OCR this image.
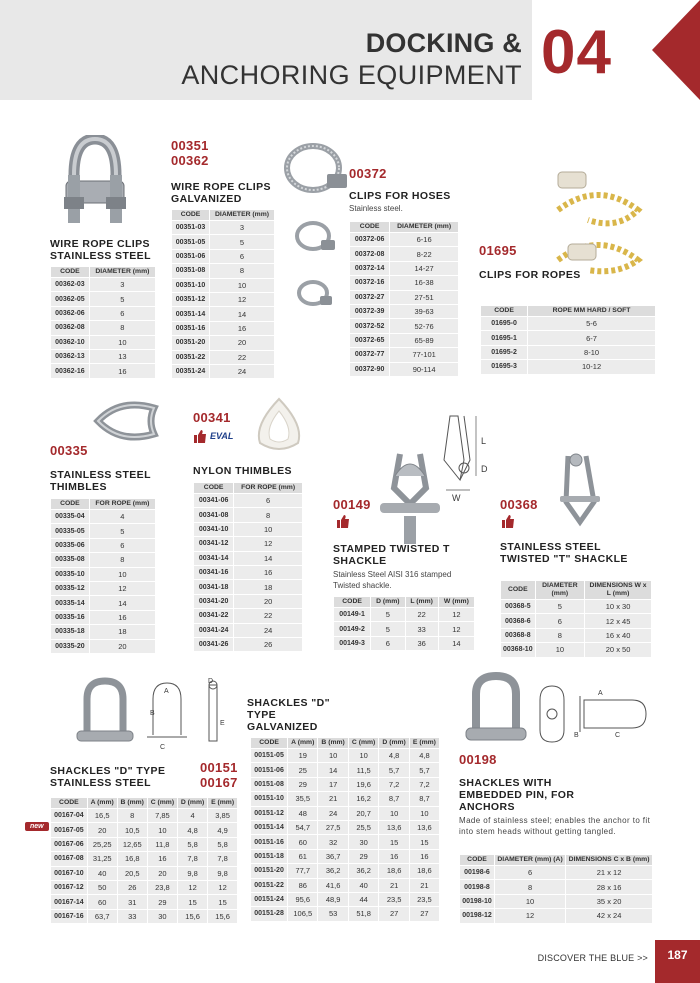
DOCKING &
ANCHORING EQUIPMENT 04
WIRE ROPE CLIPS STAINLESS STEEL
CODE	DIAMETER (mm)
00362-03	3
00362-05	5
00362-06	6
00362-08	8
00362-10	10
00362-13	13
00362-16	16
00351
00362
WIRE ROPE CLIPS GALVANIZED
CODE	DIAMETER (mm)
00351-03	3
00351-05	5
00351-06	6
00351-08	8
00351-10	10
00351-12	12
00351-14	14
00351-16	16
00351-20	20
00351-22	22
00351-24	24
00372
CLIPS FOR HOSES
Stainless steel.
CODE	DIAMETER (mm)
00372-06	6-16
00372-08	8-22
00372-14	14-27
00372-16	16-38
00372-27	27-51
00372-39	39-63
00372-52	52-76
00372-65	65-89
00372-77	77-101
00372-90	90-114
01695
CLIPS FOR ROPES
CODE	ROPE MM HARD / SOFT
01695-0	5-6
01695-1	6-7
01695-2	8-10
01695-3	10-12
00335
STAINLESS STEEL THIMBLES
CODE	FOR ROPE (mm)
00335-04	4
00335-05	5
00335-06	6
00335-08	8
00335-10	10
00335-12	12
00335-14	14
00335-16	16
00335-18	18
00335-20	20
00341
EVAL
NYLON THIMBLES
CODE	FOR ROPE (mm)
00341-06	6
00341-08	8
00341-10	10
00341-12	12
00341-14	14
00341-16	16
00341-18	18
00341-20	20
00341-22	22
00341-24	24
00341-26	26
L
D
W
00149
STAMPED TWISTED T SHACKLE
Stainless Steel AISI 316 stamped Twisted shackle.
CODE	D (mm)	L (mm)	W (mm)
00149-1	5	22	12
00149-2	5	33	12
00149-3	6	36	14
00368
STAINLESS STEEL TWISTED "T" SHACKLE
CODE	DIAMETER (mm)	DIMENSIONS W x L (mm)
00368-5	5	10 x 30
00368-6	6	12 x 45
00368-8	8	16 x 40
00368-10	10	20 x 50
A
B
C
D
E
00151
00167
SHACKLES "D" TYPE STAINLESS STEEL
new
CODE	A (mm)	B (mm)	C (mm)	D (mm)	E (mm)
00167-04	16,5	8	7,85	4	3,85
00167-05	20	10,5	10	4,8	4,9
00167-06	25,25	12,65	11,8	5,8	5,8
00167-08	31,25	16,8	16	7,8	7,8
00167-10	40	20,5	20	9,8	9,8
00167-12	50	26	23,8	12	12
00167-14	60	31	29	15	15
00167-16	63,7	33	30	15,6	15,6
SHACKLES "D" TYPE GALVANIZED
CODE	A (mm)	B (mm)	C (mm)	D (mm)	E (mm)
00151-05	19	10	10	4,8	4,8
00151-06	25	14	11,5	5,7	5,7
00151-08	29	17	19,6	7,2	7,2
00151-10	35,5	21	16,2	8,7	8,7
00151-12	48	24	20,7	10	10
00151-14	54,7	27,5	25,5	13,6	13,6
00151-16	60	32	30	15	15
00151-18	61	36,7	29	16	16
00151-20	77,7	36,2	36,2	18,6	18,6
00151-22	86	41,6	40	21	21
00151-24	95,6	48,9	44	23,5	23,5
00151-28	106,5	53	51,8	27	27
A
B	C
00198
SHACKLES WITH EMBEDDED PIN, FOR ANCHORS
Made of stainless steel; enables the anchor to fit into stem heads without getting tangled.
CODE	DIAMETER (mm) (A)	DIMENSIONS C x B (mm)
00198-6	6	21 x 12
00198-8	8	28 x 16
00198-10	10	35 x 20
00198-12	12	42 x 24
DISCOVER THE BLUE >>	187
